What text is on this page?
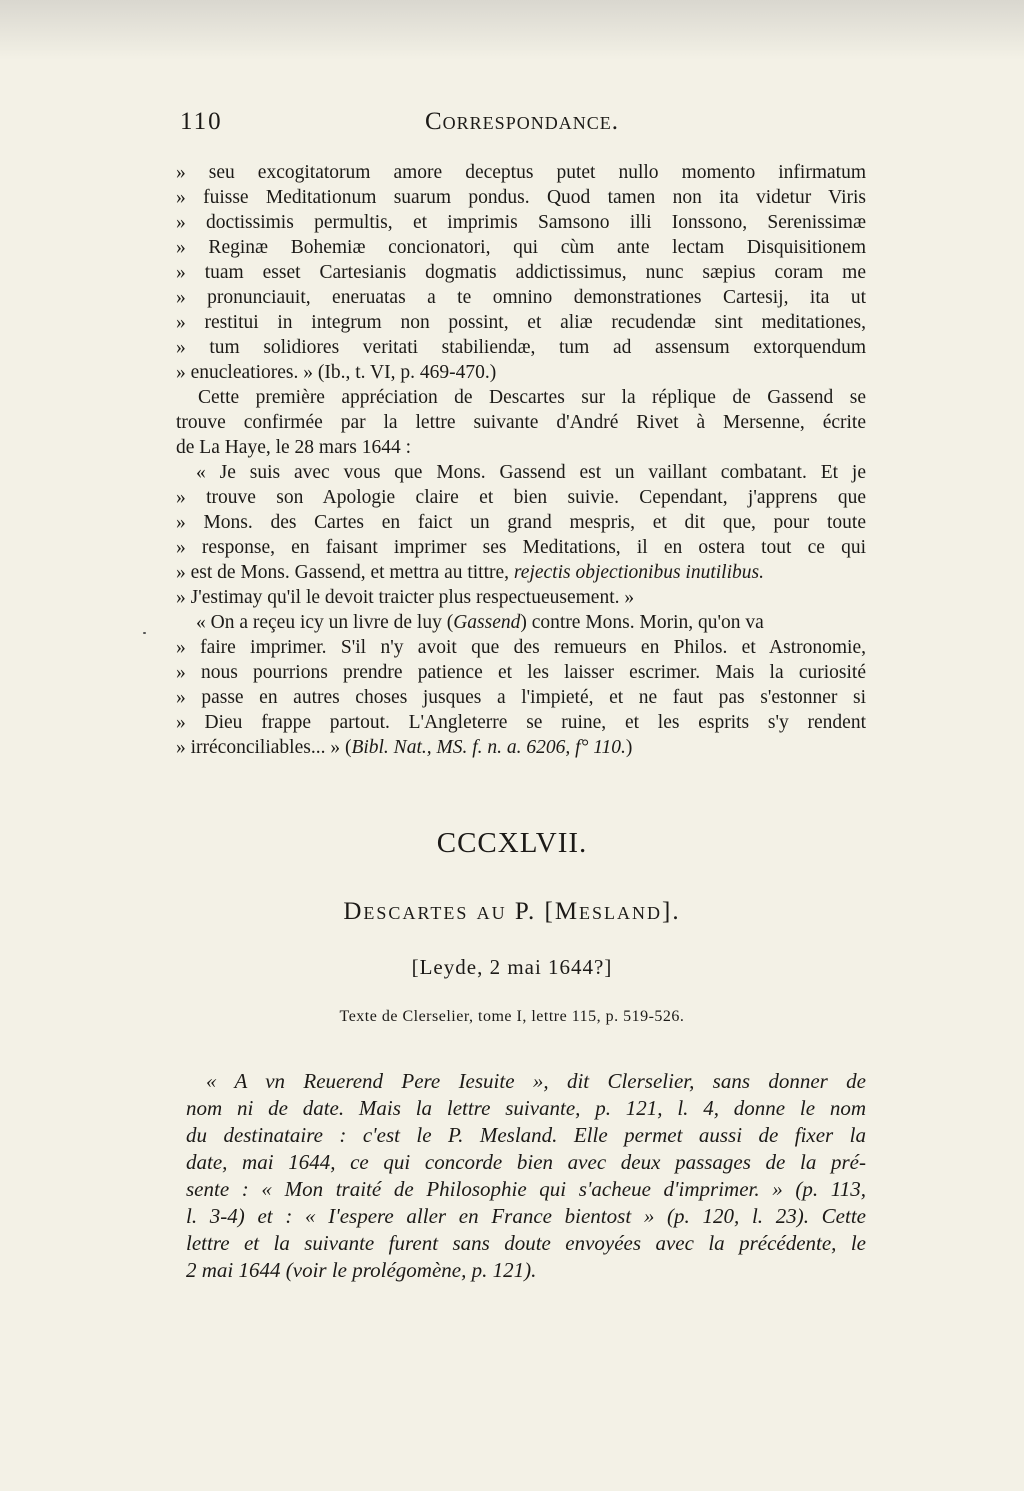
110	Correspondance.
» seu excogitatorum amore deceptus putet nullo momento infirmatum
» fuisse Meditationum suarum pondus. Quod tamen non ita videtur Viris
» doctissimis permultis, et imprimis Samsono illi Ionssono, Serenissimæ
» Reginæ Bohemiæ concionatori, qui cùm ante lectam Disquisitionem
» tuam esset Cartesianis dogmatis addictissimus, nunc sæpius coram me
» pronunciauit, eneruatas a te omnino demonstrationes Cartesij, ita ut
» restitui in integrum non possint, et aliæ recudendæ sint meditationes,
» tum solidiores veritati stabiliendæ, tum ad assensum extorquendum
» enucleatiores. » (Ib., t. VI, p. 469-470.)
Cette première appréciation de Descartes sur la réplique de Gassend se
trouve confirmée par la lettre suivante d'André Rivet à Mersenne, écrite
de La Haye, le 28 mars 1644 :
« Je suis avec vous que Mons. Gassend est un vaillant combatant. Et je
» trouve son Apologie claire et bien suivie. Cependant, j'apprens que
» Mons. des Cartes en faict un grand mespris, et dit que, pour toute
» response, en faisant imprimer ses Meditations, il en ostera tout ce qui
» est de Mons. Gassend, et mettra au tittre, rejectis objectionibus inutilibus.
» J'estimay qu'il le devoit traicter plus respectueusement. »
« On a reçeu icy un livre de luy (Gassend) contre Mons. Morin, qu'on va
» faire imprimer. S'il n'y avoit que des remueurs en Philos. et Astronomie,
» nous pourrions prendre patience et les laisser escrimer. Mais la curiosité
» passe en autres choses jusques a l'impieté, et ne faut pas s'estonner si
» Dieu frappe partout. L'Angleterre se ruine, et les esprits s'y rendent
» irréconciliables... » (Bibl. Nat., MS. f. n. a. 6206, f° 110.)
CCCXLVII.
Descartes au P. [Mesland].
[Leyde, 2 mai 1644?]
Texte de Clerselier, tome I, lettre 115, p. 519-526.
« A vn Reuerend Pere Iesuite », dit Clerselier, sans donner de
nom ni de date. Mais la lettre suivante, p. 121, l. 4, donne le nom
du destinataire : c'est le P. Mesland. Elle permet aussi de fixer la
date, mai 1644, ce qui concorde bien avec deux passages de la pré-
sente : « Mon traité de Philosophie qui s'acheue d'imprimer. » (p. 113,
l. 3-4) et : « I'espere aller en France bientost » (p. 120, l. 23). Cette
lettre et la suivante furent sans doute envoyées avec la précédente, le
2 mai 1644 (voir le prolégomène, p. 121).
